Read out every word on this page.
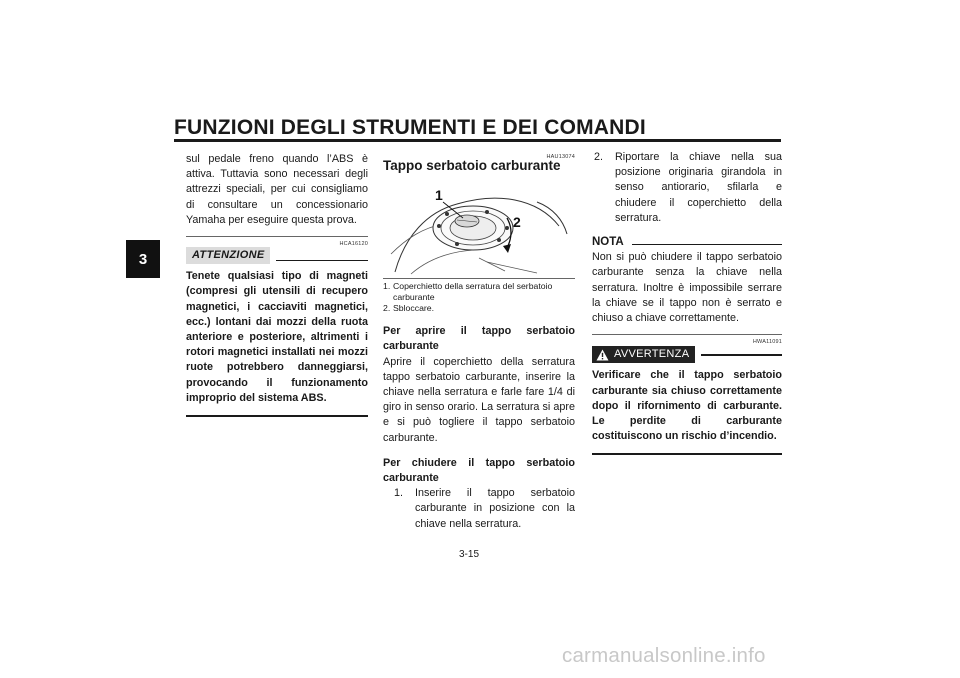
FUNZIONI DEGLI STRUMENTI E DEI COMANDI
3

sul pedale freno quando l’ABS è attiva. Tuttavia sono necessari degli attrezzi speciali, per cui consigliamo di consultare un concessionario Yamaha per eseguire questa prova.

HCA16120
ATTENZIONE

Tenete qualsiasi tipo di magneti (compresi gli utensili di recupero magnetici, i cacciaviti magnetici, ecc.) lontani dai mozzi della ruota anteriore e posteriore, altrimenti i rotori magnetici installati nei mozzi ruote potrebbero danneggiarsi, provocando il funzionamento improprio del sistema ABS.

HAU13074
Tappo serbatoio carburante
1
2
1. Coperchietto della serratura del serbatoio carburante
2. Sbloccare.

Per aprire il tappo serbatoio carburante

Aprire il coperchietto della serratura tappo serbatoio carburante, inserire la chiave nella serratura e farle fare 1/4 di giro in senso orario. La serratura si apre e si può togliere il tappo serbatoio carburante.

Per chiudere il tappo serbatoio carburante

1.	Inserire il tappo serbatoio carburante in posizione con la chiave nella serratura.
2.	Riportare la chiave nella sua posizione originaria girandola in senso antiorario, sfilarla e chiudere il coperchietto della serratura.
NOTA

Non si può chiudere il tappo serbatoio carburante senza la chiave nella serratura. Inoltre è impossibile serrare la chiave se il tappo non è serrato e chiuso a chiave correttamente.

HWA11091
AVVERTENZA

Verificare che il tappo serbatoio carburante sia chiuso correttamente dopo il rifornimento di carburante. Le perdite di carburante costituiscono un rischio d’incendio.

3-15
carmanualsonline.info
